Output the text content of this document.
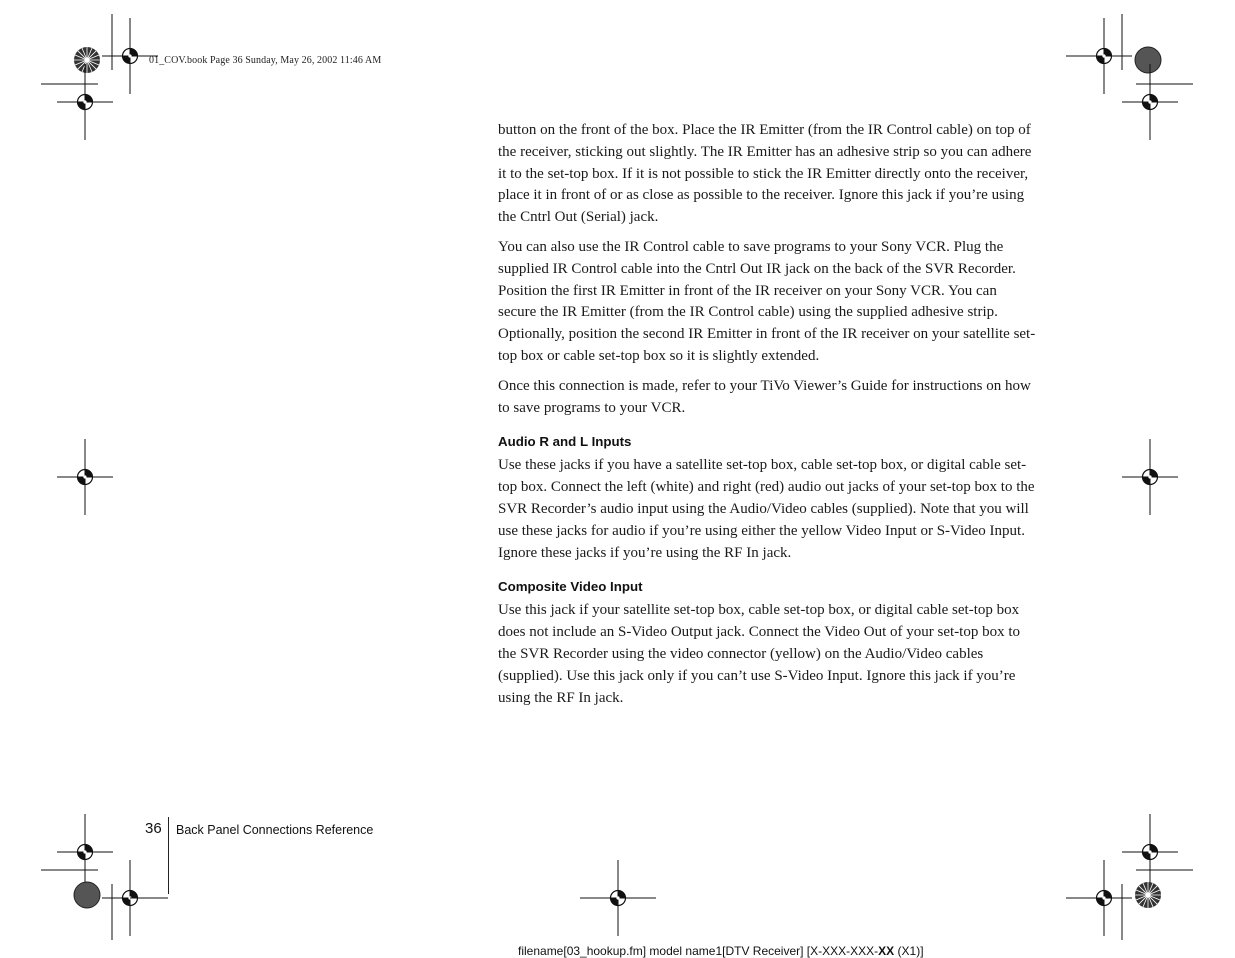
01_COV.book Page 36 Sunday, May 26, 2002 11:46 AM

button on the front of the box. Place the IR Emitter (from the IR Control cable) on top of the receiver, sticking out slightly. The IR Emitter has an adhesive strip so you can adhere it to the set-top box. If it is not possible to stick the IR Emitter directly onto the receiver, place it in front of or as close as possible to the receiver. Ignore this jack if you’re using the Cntrl Out (Serial) jack.

You can also use the IR Control cable to save programs to your Sony VCR. Plug the supplied IR Control cable into the Cntrl Out IR jack on the back of the SVR Recorder. Position the first IR Emitter in front of the IR receiver on your Sony VCR. You can secure the IR Emitter (from the IR Control cable) using the supplied adhesive strip. Optionally, position the second IR Emitter in front of the IR receiver on your satellite set-top box or cable set-top box so it is slightly extended.

Once this connection is made, refer to your TiVo Viewer’s Guide for instructions on how to save programs to your VCR.

Audio R and L Inputs

Use these jacks if you have a satellite set-top box, cable set-top box, or digital cable set-top box. Connect the left (white) and right (red) audio out jacks of your set-top box to the SVR Recorder’s audio input using the Audio/Video cables (supplied). Note that you will use these jacks for audio if you’re using either the yellow Video Input or S-Video Input. Ignore these jacks if you’re using the RF In jack.

Composite Video Input

Use this jack if your satellite set-top box, cable set-top box, or digital cable set-top box does not include an S-Video Output jack. Connect the Video Out of your set-top box to the SVR Recorder using the video connector (yellow) on the Audio/Video cables (supplied). Use this jack only if you can’t use S-Video Input. Ignore this jack if you’re using the RF In jack.

36 Back Panel Connections Reference
filename[03_hookup.fm] model name1[DTV Receiver] [X-XXX-XXX-XX (X1)]
